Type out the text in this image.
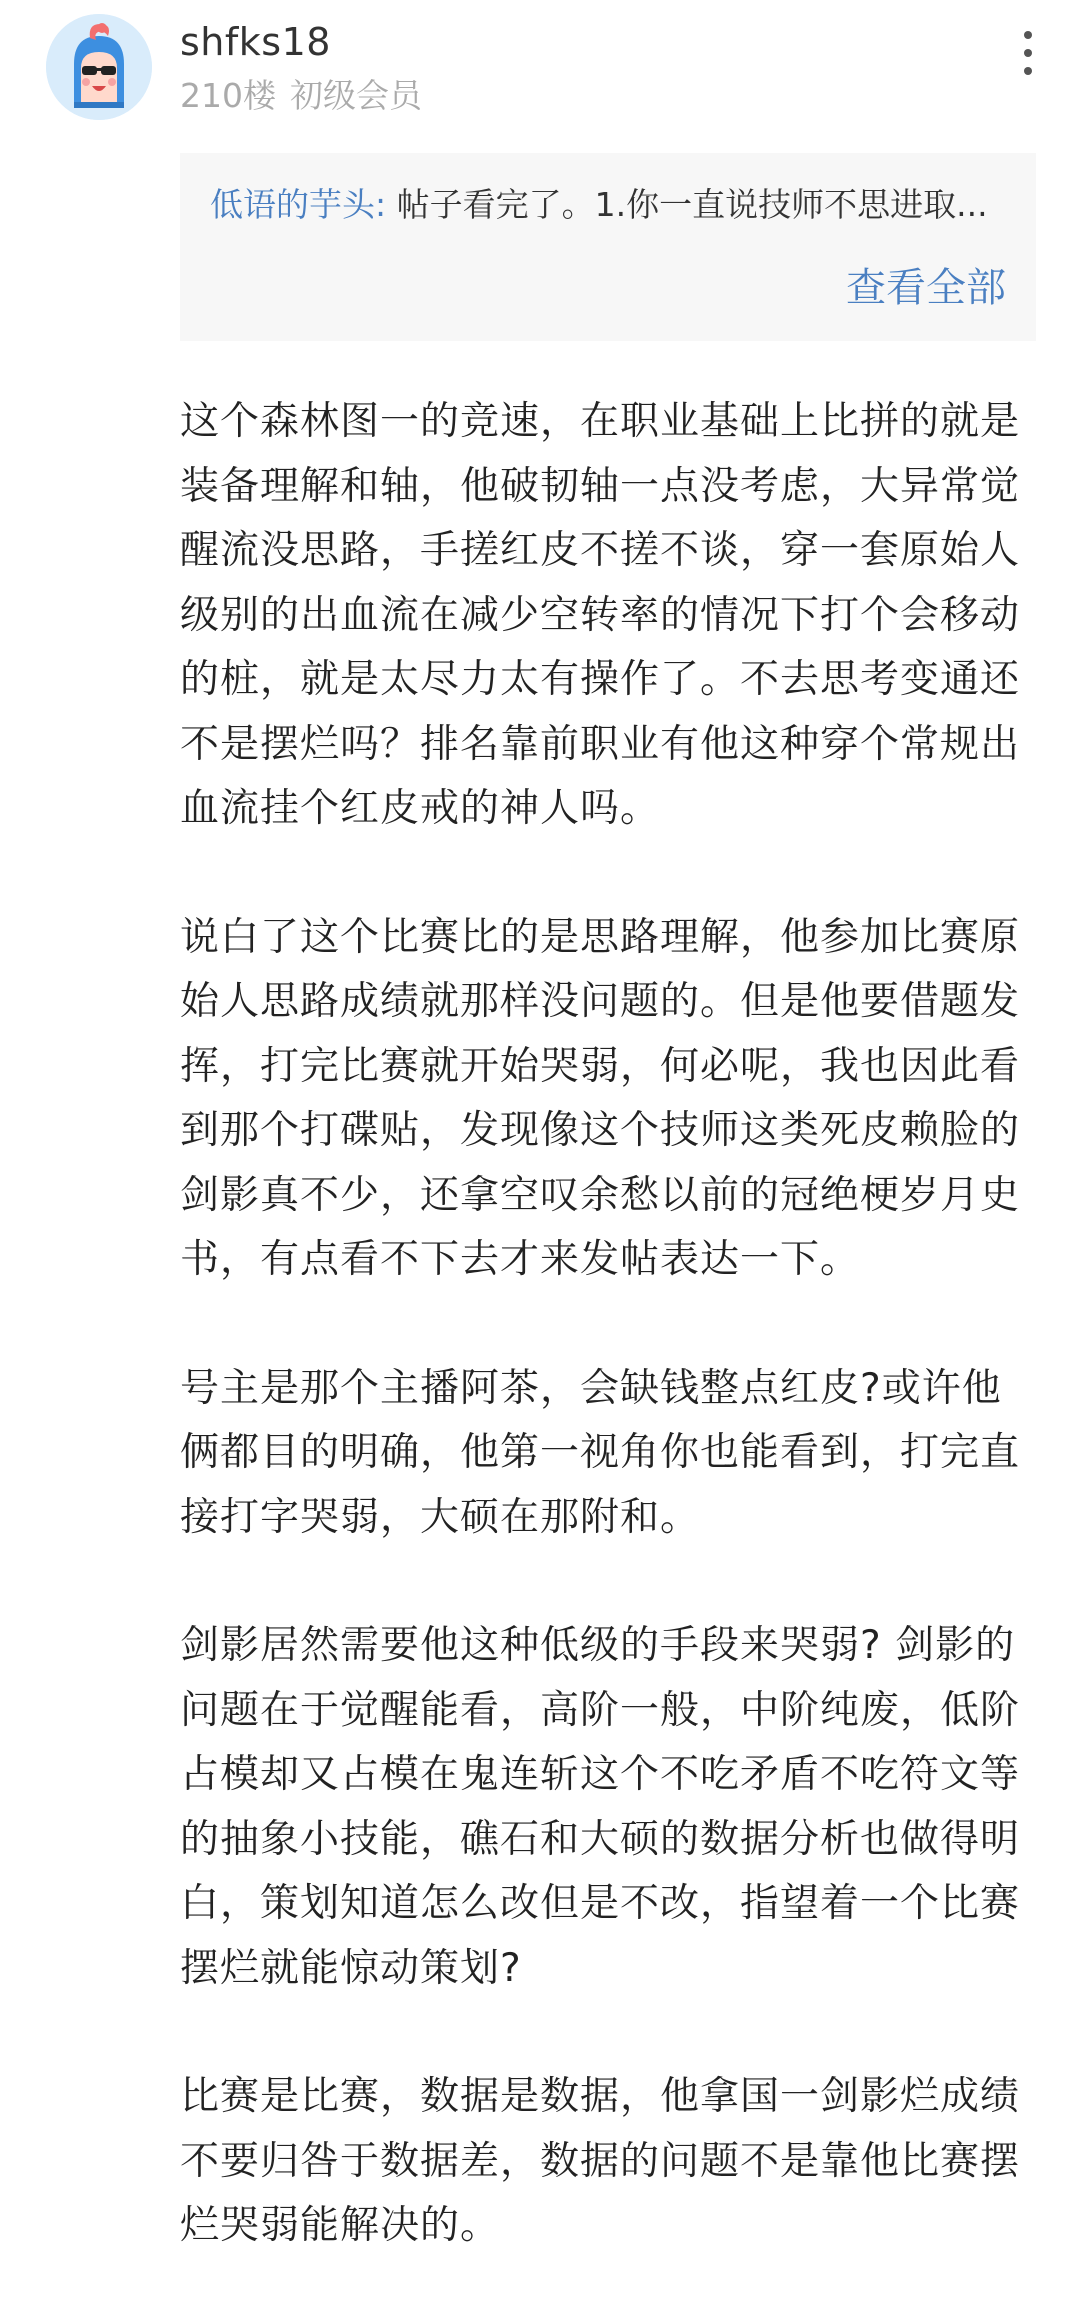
shfks18
210楼 初级会员
低语的芋头: 帖子看完了。1.你一直说技师不思进取...
查看全部

这个森林图一的竞速，在职业基础上比拼的就是装备理解和轴，他破韧轴一点没考虑，大异常觉醒流没思路，手搓红皮不搓不谈，穿一套原始人级别的出血流在减少空转率的情况下打个会移动的桩，就是太尽力太有操作了。不去思考变通还不是摆烂吗？排名靠前职业有他这种穿个常规出血流挂个红皮戒的神人吗。

说白了这个比赛比的是思路理解，他参加比赛原始人思路成绩就那样没问题的。但是他要借题发挥，打完比赛就开始哭弱，何必呢，我也因此看到那个打碟贴，发现像这个技师这类死皮赖脸的剑影真不少，还拿空叹余愁以前的冠绝梗岁月史书，有点看不下去才来发帖表达一下。

号主是那个主播阿茶，会缺钱整点红皮?或许他俩都目的明确，他第一视角你也能看到，打完直接打字哭弱，大硕在那附和。

剑影居然需要他这种低级的手段来哭弱? 剑影的问题在于觉醒能看，高阶一般，中阶纯废，低阶占模却又占模在鬼连斩这个不吃矛盾不吃符文等的抽象小技能，礁石和大硕的数据分析也做得明白，策划知道怎么改但是不改，指望着一个比赛摆烂就能惊动策划?

比赛是比赛，数据是数据，他拿国一剑影烂成绩不要归咎于数据差，数据的问题不是靠他比赛摆烂哭弱能解决的。
